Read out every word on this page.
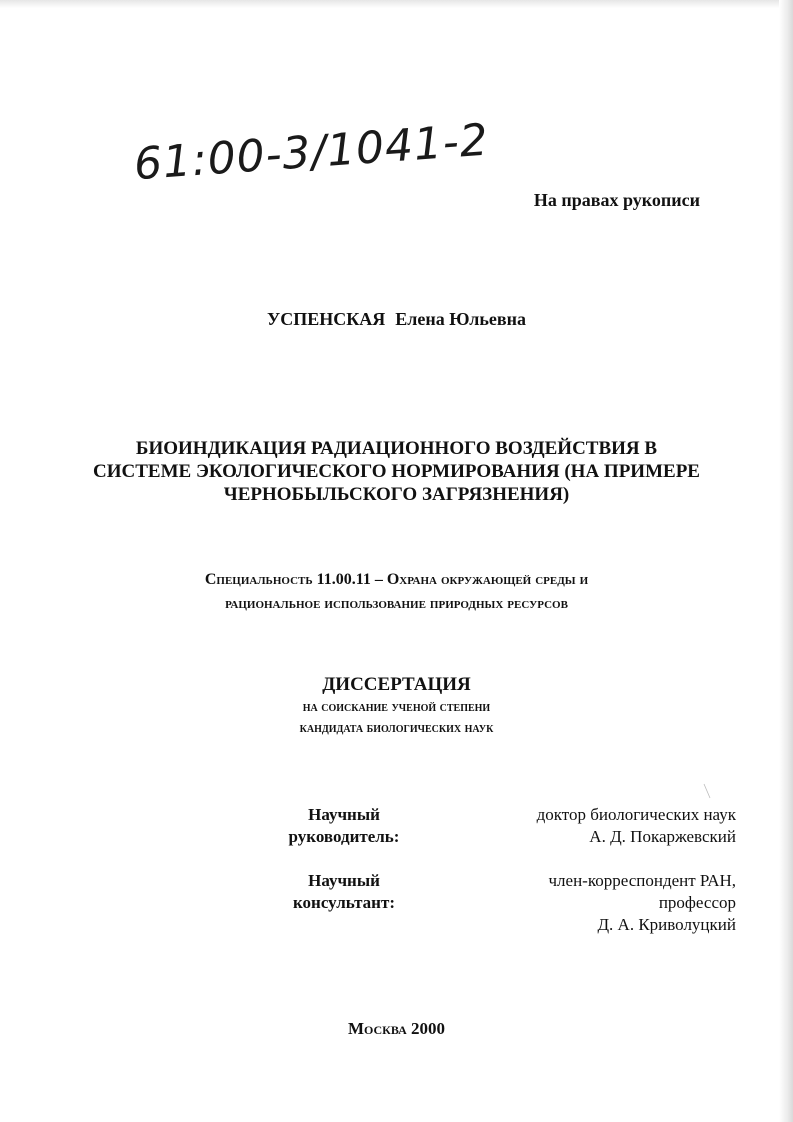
61:00-3/1041-2
На правах рукописи
УСПЕНСКАЯ Елена Юльевна
БИОИНДИКАЦИЯ РАДИАЦИОННОГО ВОЗДЕЙСТВИЯ В
СИСТЕМЕ ЭКОЛОГИЧЕСКОГО НОРМИРОВАНИЯ (НА ПРИМЕРЕ
ЧЕРНОБЫЛЬСКОГО ЗАГРЯЗНЕНИЯ)
Специальность 11.00.11 – Охрана окружающей среды и
рациональное использование природных ресурсов
ДИССЕРТАЦИЯ
на соискание ученой степени
кандидата биологических наук
Научный
руководитель:
доктор биологических наук
А. Д. Покаржевский
Научный
консультант:
член-корреспондент РАН,
профессор
Д. А. Криволуцкий
Москва 2000
